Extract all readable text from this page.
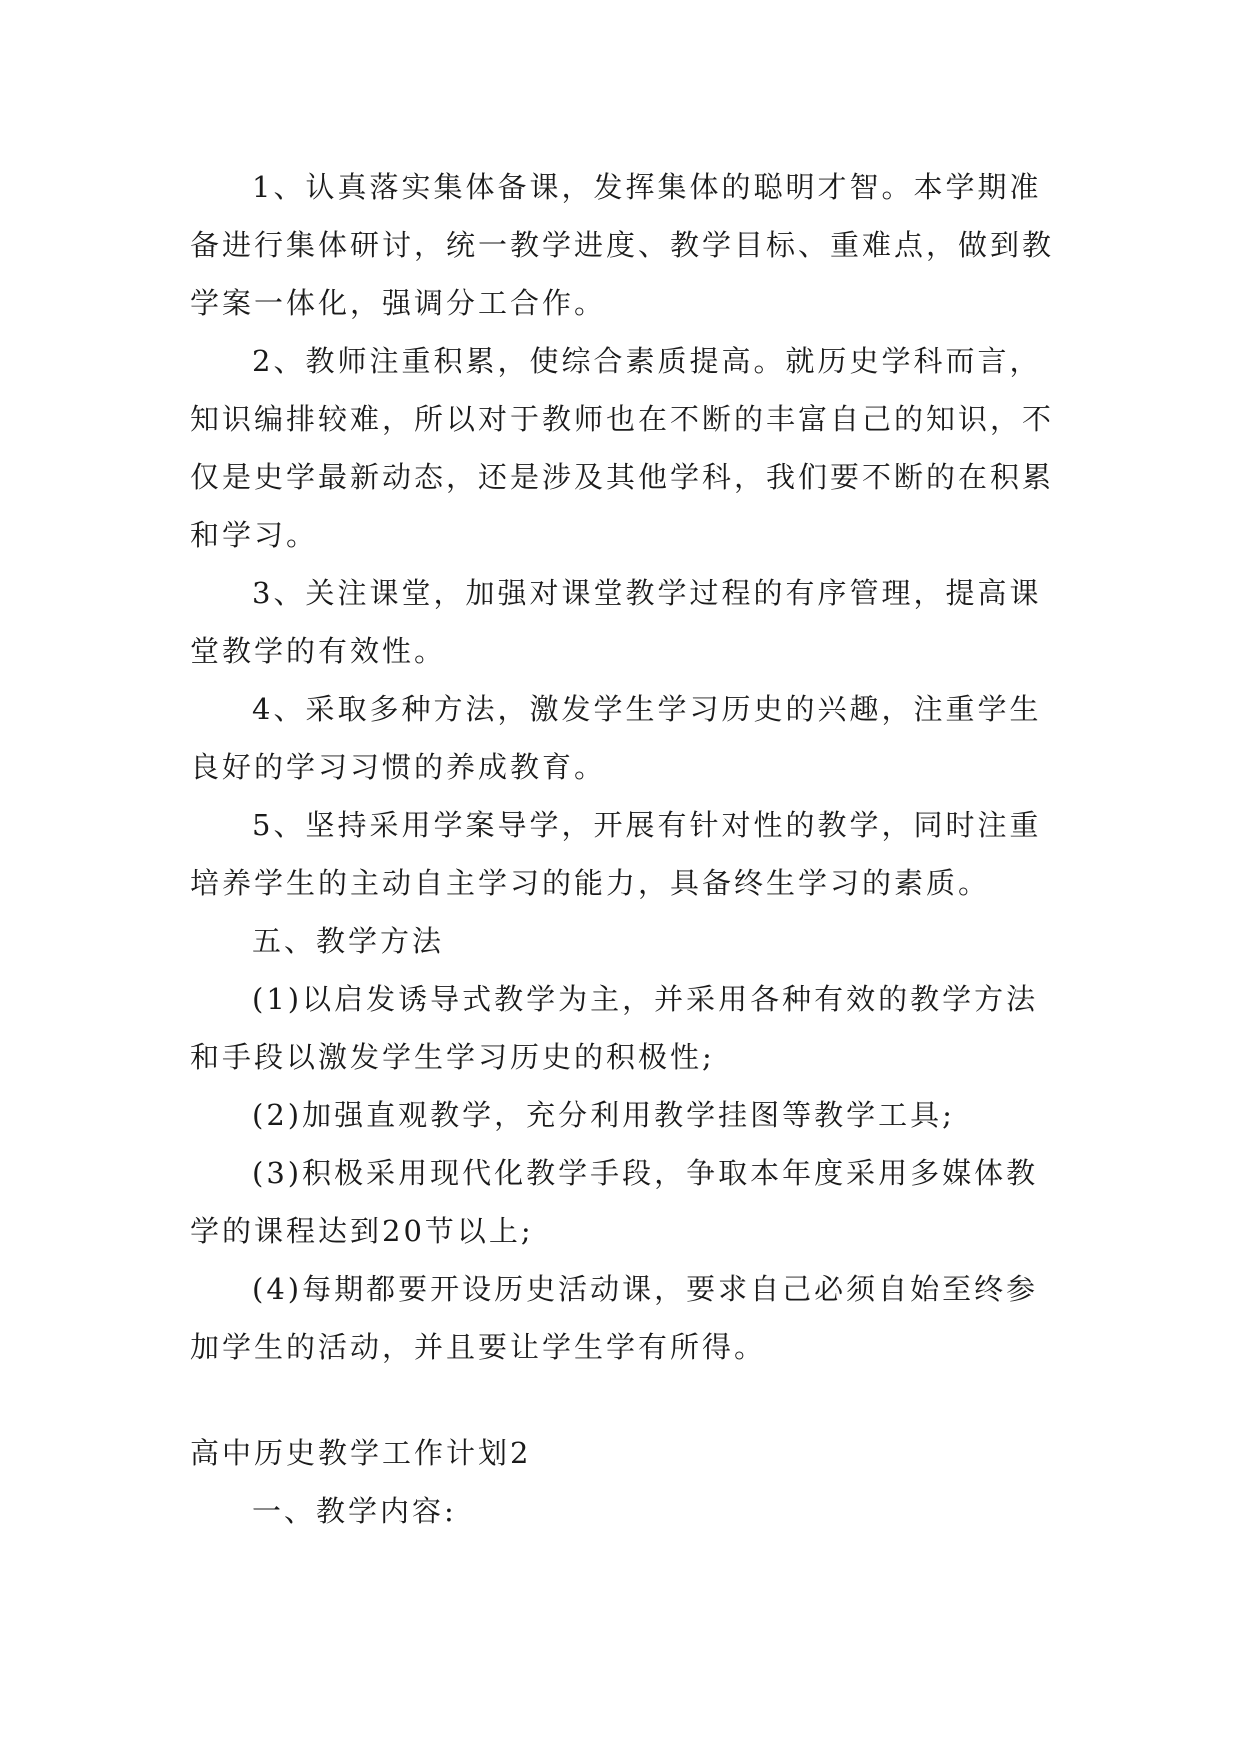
1、认真落实集体备课，发挥集体的聪明才智。本学期准备进行集体研讨，统一教学进度、教学目标、重难点，做到教学案一体化，强调分工合作。

2、教师注重积累，使综合素质提高。就历史学科而言，知识编排较难，所以对于教师也在不断的丰富自己的知识，不仅是史学最新动态，还是涉及其他学科，我们要不断的在积累和学习。

3、关注课堂，加强对课堂教学过程的有序管理，提高课堂教学的有效性。

4、采取多种方法，激发学生学习历史的兴趣，注重学生良好的学习习惯的养成教育。

5、坚持采用学案导学，开展有针对性的教学，同时注重培养学生的主动自主学习的能力，具备终生学习的素质。

五、教学方法

(1)以启发诱导式教学为主，并采用各种有效的教学方法和手段以激发学生学习历史的积极性;

(2)加强直观教学，充分利用教学挂图等教学工具;

(3)积极采用现代化教学手段，争取本年度采用多媒体教学的课程达到20节以上;

(4)每期都要开设历史活动课，要求自己必须自始至终参加学生的活动，并且要让学生学有所得。

高中历史教学工作计划2

一、教学内容:
